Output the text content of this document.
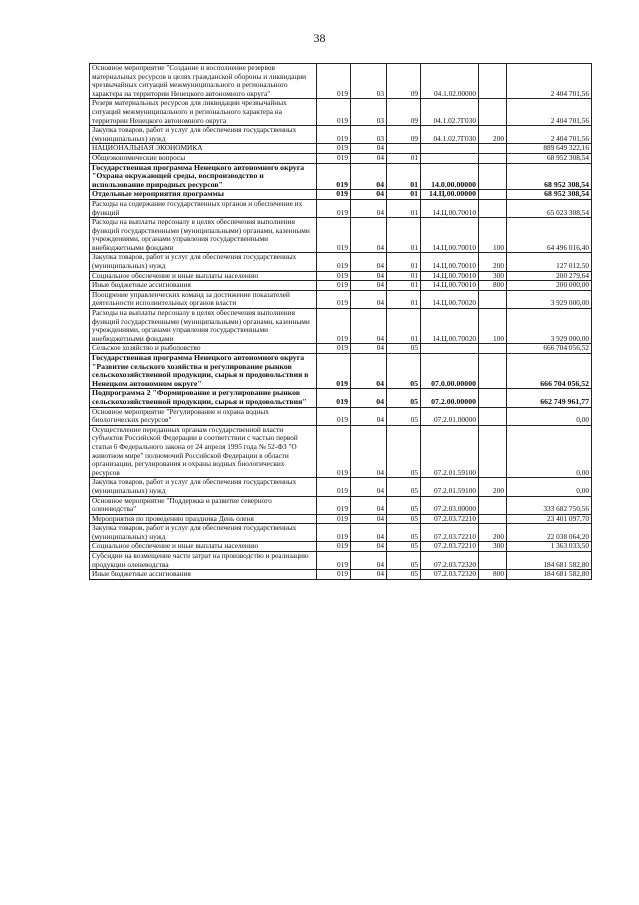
38
Основное мероприятие "Создание и восполнение резервов материальных ресурсов в целях гражданской обороны и ликвидации чрезвычайных ситуаций межмуниципального и регионального характера на территории Ненецкого автономного округа"	019	03	09	04.1.02.00000		2 404 701,56
Резерв материальных ресурсов для ликвидации чрезвычайных ситуаций межмуниципального и регионального характера на территории Ненецкого автономного округа	019	03	09	04.1.02.7Г030		2 404 701,56
Закупка товаров, работ и услуг для обеспечения государственных (муниципальных) нужд	019	03	09	04.1.02.7Г030	200	2 404 701,56
НАЦИОНАЛЬНАЯ ЭКОНОМИКА	019	04				889 649 322,16
Общеэкономические вопросы	019	04	01			68 952 308,54
Государственная программа Ненецкого автономного округа "Охрана окружающей среды, воспроизводство и использование природных ресурсов"	019	04	01	14.0.00.00000		68 952 308,54
Отдельные мероприятия программы	019	04	01	14.Ц.00.00000		68 952 308,54
Расходы на содержание государственных органов и обеспечение их функций	019	04	01	14.Ц.00.70010		65 023 308,54
Расходы на выплаты персоналу в целях обеспечения выполнения функций государственными (муниципальными) органами, казенными учреждениями, органами управления государственными внебюджетными фондами	019	04	01	14.Ц.00.70010	100	64 496 016,40
Закупка товаров, работ и услуг для обеспечения государственных (муниципальных) нужд	019	04	01	14.Ц.00.70010	200	127 012,50
Социальное обеспечение и иные выплаты населению	019	04	01	14.Ц.00.70010	300	200 279,64
Иные бюджетные ассигнования	019	04	01	14.Ц.00.70010	800	200 000,00
Поощрение управленческих команд за достижение показателей деятельности исполнительных органов власти	019	04	01	14.Ц.00.70020		3 929 000,00
Расходы на выплаты персоналу в целях обеспечения выполнения функций государственными (муниципальными) органами, казенными учреждениями, органами управления государственными внебюджетными фондами	019	04	01	14.Ц.00.70020	100	3 929 000,00
Сельское хозяйство и рыболовство	019	04	05			666 704 056,52
Государственная программа Ненецкого автономного округа "Развитие сельского хозяйства и регулирование рынков сельскохозяйственной продукции, сырья и продовольствия в Ненецком автономном округе"	019	04	05	07.0.00.00000		666 704 056,52
Подпрограмма 2 "Формирование и регулирование рынков сельскохозяйственной продукции, сырья и продовольствия"	019	04	05	07.2.00.00000		662 749 961,77
Основное мероприятие "Регулирование и охрана водных биологических ресурсов"	019	04	05	07.2.01.00000		0,00
Осуществление переданных органам государственной власти субъектов Российской Федерации в соответствии с частью первой статьи 6 Федерального закона от 24 апреля 1995 года № 52-ФЗ "О животном мире" полномочий Российской Федерации в области организации, регулирования и охраны водных биологических ресурсов	019	04	05	07.2.01.59100		0,00
Закупка товаров, работ и услуг для обеспечения государственных (муниципальных) нужд	019	04	05	07.2.01.59100	200	0,00
Основное мероприятие "Поддержка и развитие северного оленеводства"	019	04	05	07.2.03.00000		333 682 750,56
Мероприятия по проведению праздника День оленя	019	04	05	07.2.03.72210		23 401 097,70
Закупка товаров, работ и услуг для обеспечения государственных (муниципальных) нужд	019	04	05	07.2.03.72210	200	22 038 064,20
Социальное обеспечение и иные выплаты населению	019	04	05	07.2.03.72210	300	1 363 033,50
Субсидии на возмещение части затрат на производство и реализацию продукции оленеводства	019	04	05	07.2.03.72320		184 681 582,80
Иные бюджетные ассигнования	019	04	05	07.2.03.72320	800	184 681 582,80
